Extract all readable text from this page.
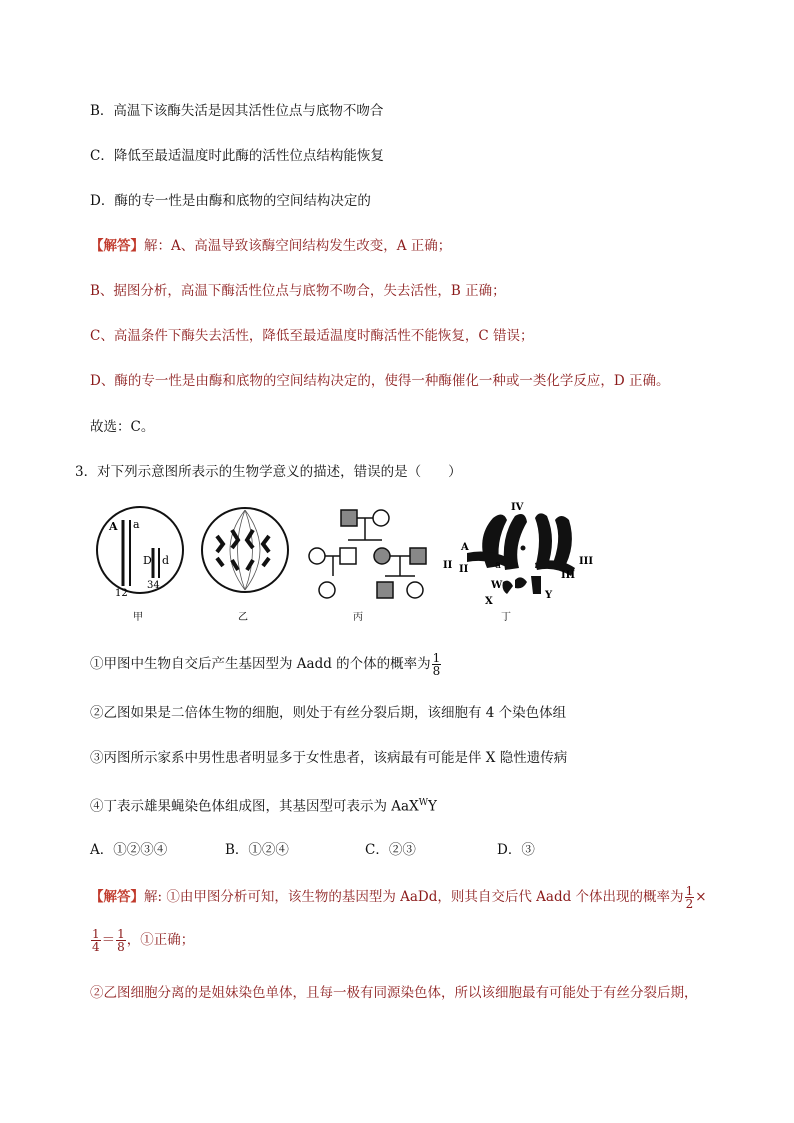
B．高温下该酶失活是因其活性位点与底物不吻合
C．降低至最适温度时此酶的活性位点结构能恢复
D．酶的专一性是由酶和底物的空间结构决定的
【解答】解：A、高温导致该酶空间结构发生改变，A 正确；
B、据图分析，高温下酶活性位点与底物不吻合，失去活性，B 正确；
C、高温条件下酶失去活性，降低至最适温度时酶活性不能恢复，C 错误；
D、酶的专一性是由酶和底物的空间结构决定的，使得一种酶催化一种或一类化学反应，D 正确。
故选：C。
3．对下列示意图所表示的生物学意义的描述，错误的是（　　）
A a
D d
12
34
甲	乙	丙
IV
II II
III
III
A
a
W
X
Y
丁
①甲图中生物自交后产生基因型为 Aadd 的个体的概率为 $\frac{1}{8}$
②乙图如果是二倍体生物的细胞，则处于有丝分裂后期，该细胞有 4 个染色体组
③丙图所示家系中男性患者明显多于女性患者，该病最有可能是伴 X 隐性遗传病
④丁表示雄果蝇染色体组成图，其基因型可表示为 AaX$^W$Y
A．①②③④	B．①②④	C．②③	D．③
【解答】解: ①由甲图分析可知，该生物的基因型为 AaDd，则其自交后代 Aadd 个体出现的概率为 $\frac{1}{2}$ ×
$\frac{1}{4} = \frac{1}{8}$ ，①正确；
②乙图细胞分离的是姐妹染色单体，且每一极有同源染色体，所以该细胞最有可能处于有丝分裂后期，
